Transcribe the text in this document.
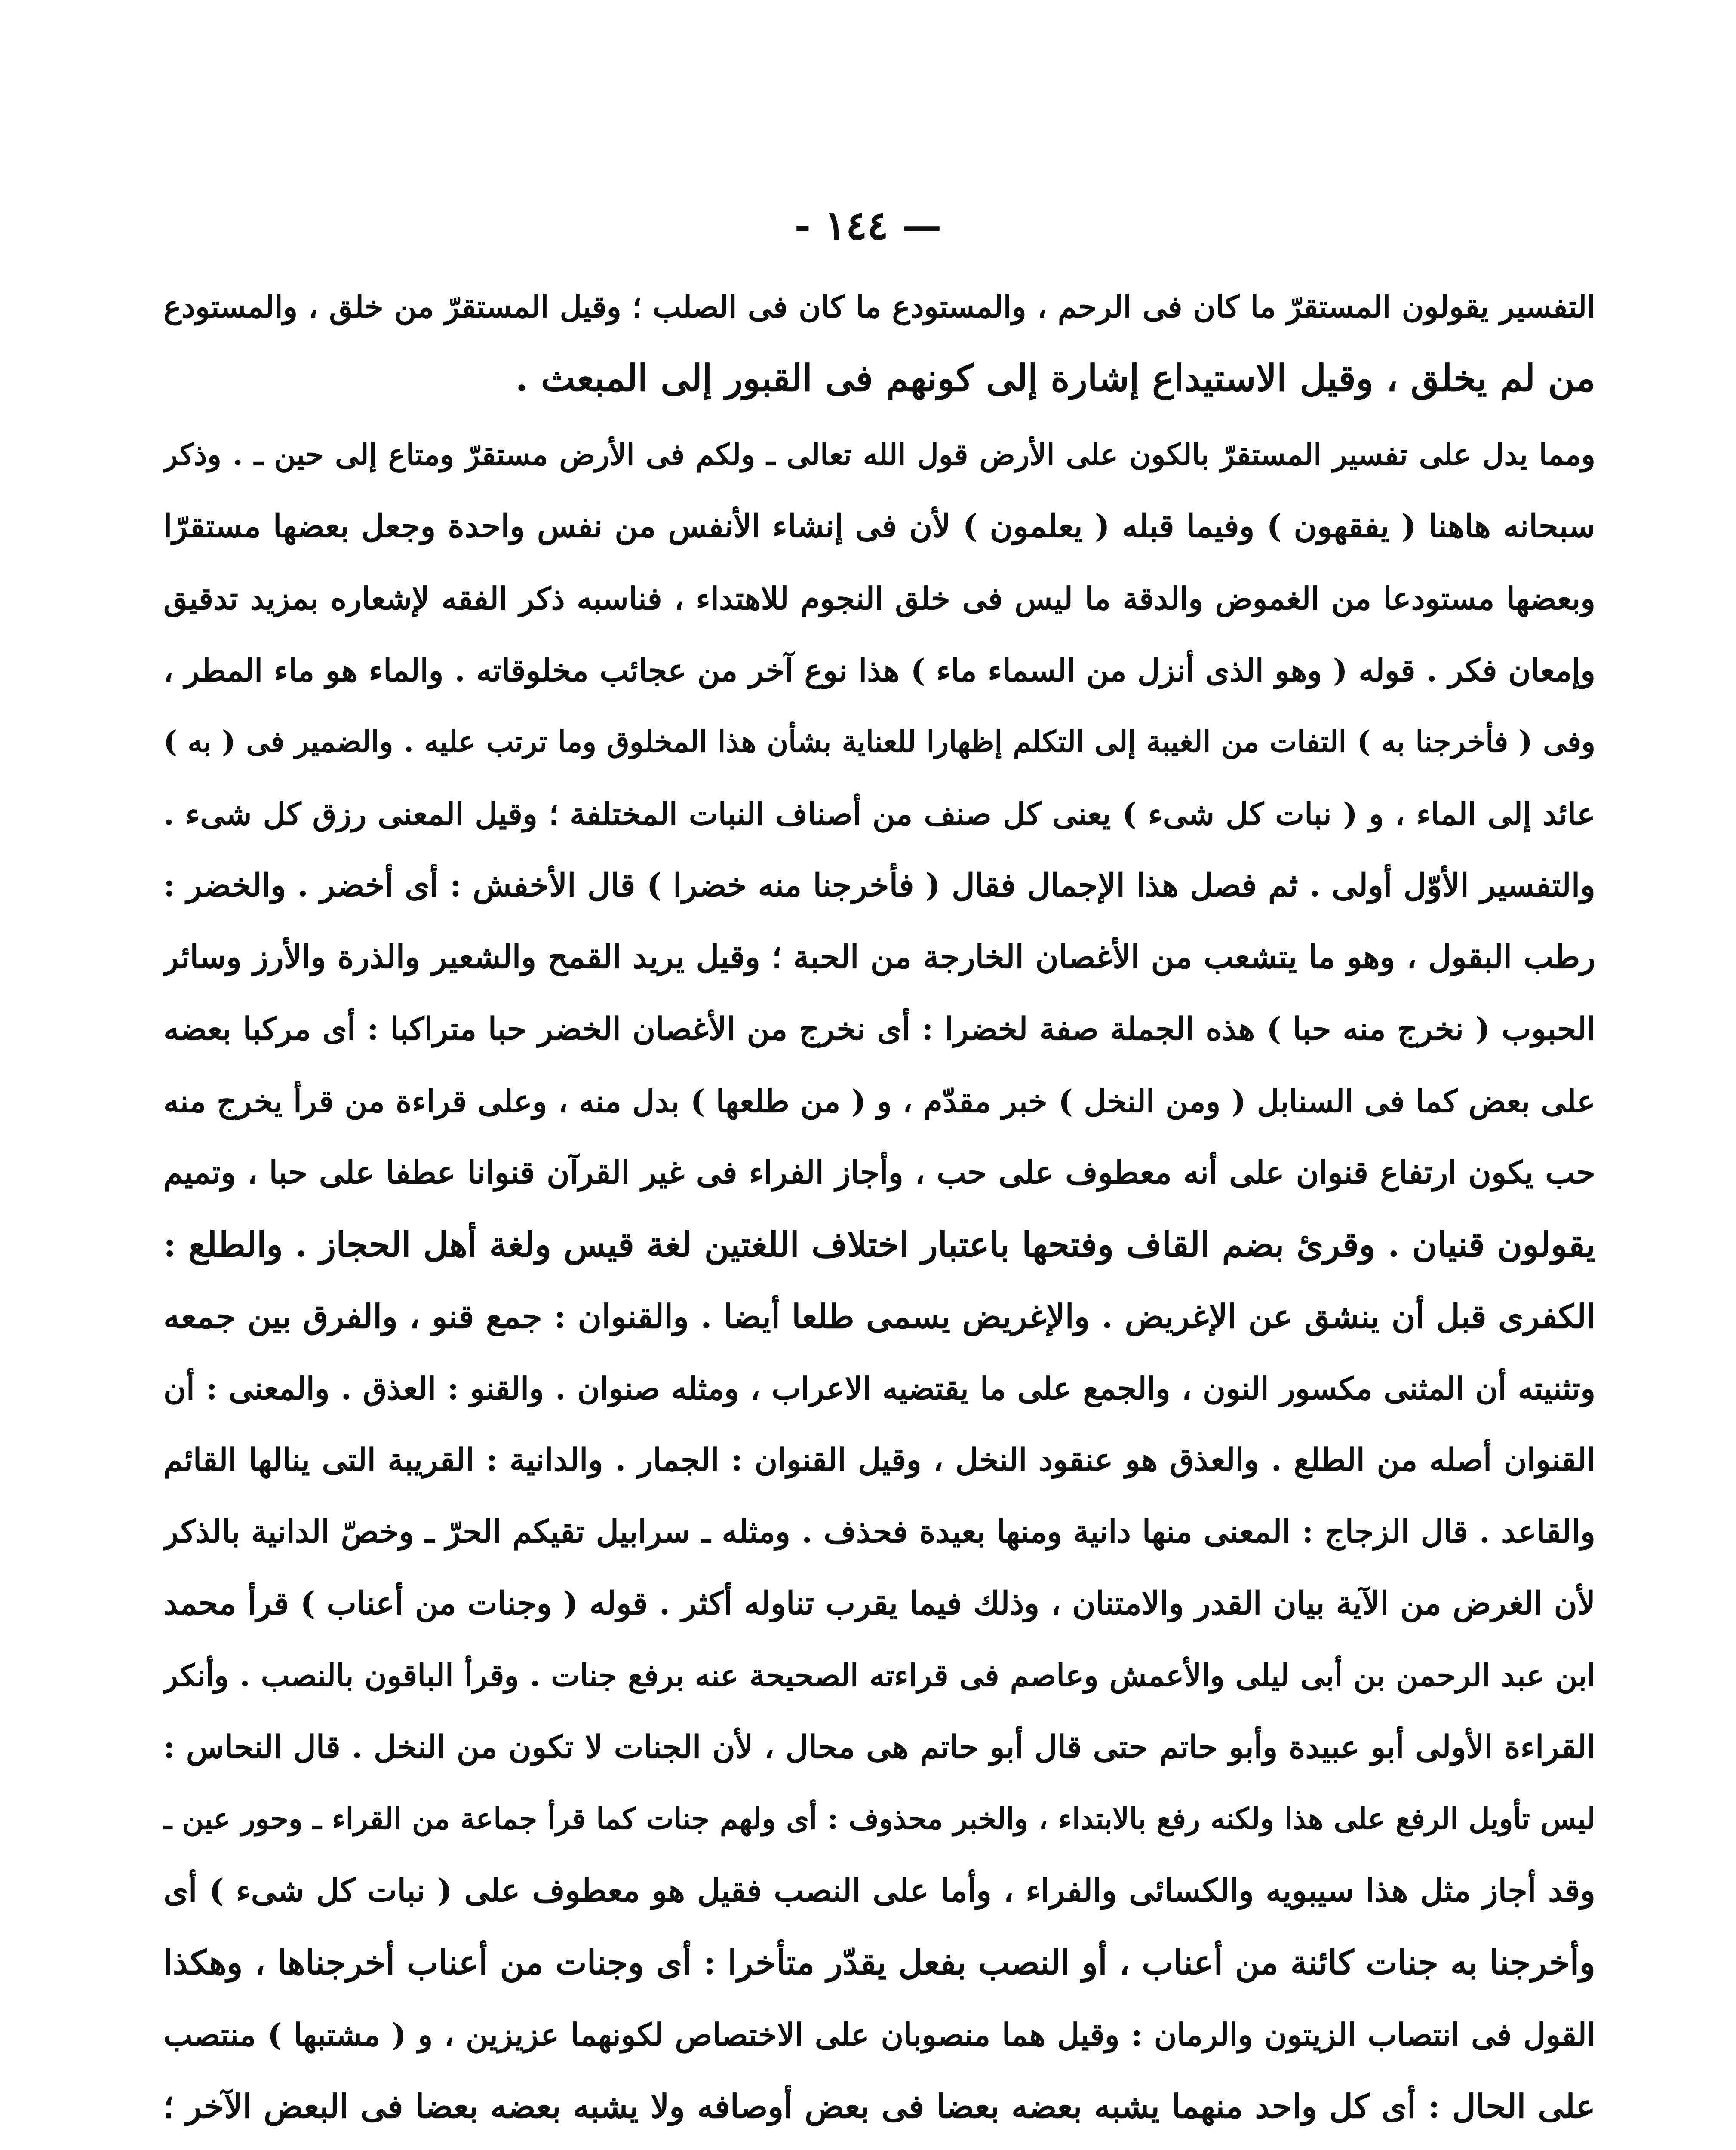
— ١٤٤ -
التفسير يقولون المستقرّ ما كان فى الرحم ، والمستودع ما كان فى الصلب ؛ وقيل المستقرّ من خلق ، والمستودع
من لم يخلق ، وقيل الاستيداع إشارة إلى كونهم فى القبور إلى المبعث .
ومما يدل على تفسير المستقرّ بالكون على الأرض قول الله تعالى ـ ولكم فى الأرض مستقرّ ومتاع إلى حين ـ . وذكر
سبحانه هاهنا ( يفقهون ) وفيما قبله ( يعلمون ) لأن فى إنشاء الأنفس من نفس واحدة وجعل بعضها مستقرّا
وبعضها مستودعا من الغموض والدقة ما ليس فى خلق النجوم للاهتداء ، فناسبه ذكر الفقه لإشعاره بمزيد تدقيق
وإمعان فكر . قوله ( وهو الذى أنزل من السماء ماء ) هذا نوع آخر من عجائب مخلوقاته . والماء هو ماء المطر ،
وفى ( فأخرجنا به ) التفات من الغيبة إلى التكلم إظهارا للعناية بشأن هذا المخلوق وما ترتب عليه . والضمير فى ( به )
عائد إلى الماء ، و ( نبات كل شىء ) يعنى كل صنف من أصناف النبات المختلفة ؛ وقيل المعنى رزق كل شىء .
والتفسير الأوّل أولى . ثم فصل هذا الإجمال فقال ( فأخرجنا منه خضرا ) قال الأخفش : أى أخضر . والخضر :
رطب البقول ، وهو ما يتشعب من الأغصان الخارجة من الحبة ؛ وقيل يريد القمح والشعير والذرة والأرز وسائر
الحبوب ( نخرج منه حبا ) هذه الجملة صفة لخضرا : أى نخرج من الأغصان الخضر حبا متراكبا : أى مركبا بعضه
على بعض كما فى السنابل ( ومن النخل ) خبر مقدّم ، و ( من طلعها ) بدل منه ، وعلى قراءة من قرأ يخرج منه
حب يكون ارتفاع قنوان على أنه معطوف على حب ، وأجاز الفراء فى غير القرآن قنوانا عطفا على حبا ، وتميم
يقولون قنيان . وقرئ بضم القاف وفتحها باعتبار اختلاف اللغتين لغة قيس ولغة أهل الحجاز . والطلع :
الكفرى قبل أن ينشق عن الإغريض . والإغريض يسمى طلعا أيضا . والقنوان : جمع قنو ، والفرق بين جمعه
وتثنيته أن المثنى مكسور النون ، والجمع على ما يقتضيه الاعراب ، ومثله صنوان . والقنو : العذق . والمعنى : أن
القنوان أصله من الطلع . والعذق هو عنقود النخل ، وقيل القنوان : الجمار . والدانية : القريبة التى ينالها القائم
والقاعد . قال الزجاج : المعنى منها دانية ومنها بعيدة فحذف . ومثله ـ سرابيل تقيكم الحرّ ـ وخصّ الدانية بالذكر
لأن الغرض من الآية بيان القدر والامتنان ، وذلك فيما يقرب تناوله أكثر . قوله ( وجنات من أعناب ) قرأ محمد
ابن عبد الرحمن بن أبى ليلى والأعمش وعاصم فى قراءته الصحيحة عنه برفع جنات . وقرأ الباقون بالنصب . وأنكر
القراءة الأولى أبو عبيدة وأبو حاتم حتى قال أبو حاتم هى محال ، لأن الجنات لا تكون من النخل . قال النحاس :
ليس تأويل الرفع على هذا ولكنه رفع بالابتداء ، والخبر محذوف : أى ولهم جنات كما قرأ جماعة من القراء ـ وحور عين ـ
وقد أجاز مثل هذا سيبويه والكسائى والفراء ، وأما على النصب فقيل هو معطوف على ( نبات كل شىء ) أى
وأخرجنا به جنات كائنة من أعناب ، أو النصب بفعل يقدّر متأخرا : أى وجنات من أعناب أخرجناها ، وهكذا
القول فى انتصاب الزيتون والرمان : وقيل هما منصوبان على الاختصاص لكونهما عزيزين ، و ( مشتبها ) منتصب
على الحال : أى كل واحد منهما يشبه بعضه بعضا فى بعض أوصافه ولا يشبه بعضه بعضا فى البعض الآخر ؛
